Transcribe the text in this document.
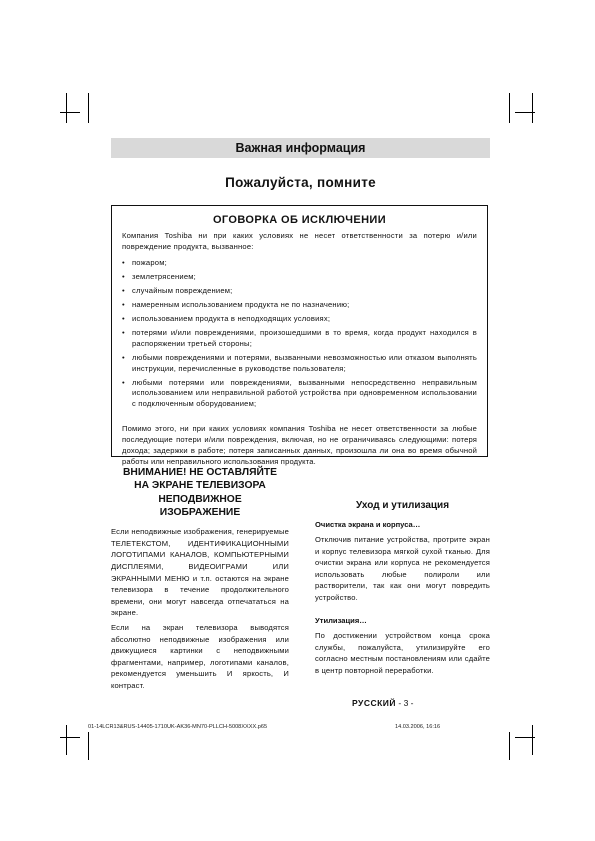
Важная информация
Пожалуйста, помните
ОГОВОРКА ОБ ИСКЛЮЧЕНИИ

Компания Toshiba ни при каких условиях не несет ответственности за потерю и/или повреждение продукта, вызванное:

• пожаром;
• землетрясением;
• случайным повреждением;
• намеренным использованием продукта не по назначению;
• использованием продукта в неподходящих условиях;
• потерями и/или повреждениями, произошедшими в то время, когда продукт находился в распоряжении третьей стороны;
• любыми повреждениями и потерями, вызванными невозможностью или отказом выполнять инструкции, перечисленные в руководстве пользователя;
• любыми потерями или повреждениями, вызванными непосредственно неправильным использованием или неправильной работой устройства при одновременном использовании с подключенным оборудованием;

Помимо этого, ни при каких условиях компания Toshiba не несет ответственности за любые последующие потери и/или повреждения, включая, но не ограничиваясь следующими: потеря дохода; задержки в работе; потеря записанных данных, произошла ли она во время обычной работы или неправильного использования продукта.

ВНИМАНИЕ! НЕ ОСТАВЛЯЙТЕ
НА ЭКРАНЕ ТЕЛЕВИЗОРА
НЕПОДВИЖНОЕ
ИЗОБРАЖЕНИЕ

Если неподвижные изображения, генерируемые ТЕЛЕТЕКСТОМ, ИДЕНТИФИКАЦИОННЫМИ ЛОГОТИПАМИ КАНАЛОВ, КОМПЬЮТЕРНЫМИ ДИСПЛЕЯМИ, ВИДЕОИГРАМИ ИЛИ ЭКРАННЫМИ МЕНЮ и т.п. остаются на экране телевизора в течение продолжительного времени, они могут навсегда отпечататься на экране.

Если на экран телевизора выводятся абсолютно неподвижные изображения или движущиеся картинки с неподвижными фрагментами, например, логотипами каналов, рекомендуется уменьшить И яркость, И контраст.

Уход и утилизация
Очистка экрана и корпуса…

Отключив питание устройства, протрите экран и корпус телевизора мягкой сухой тканью. Для очистки экрана или корпуса не рекомендуется использовать любые полироли или растворители, так как они могут повредить устройство.

Утилизация…

По достижении устройством конца срока службы, пожалуйста, утилизируйте его согласно местным постановлениям или сдайте в центр повторной переработки.

РУССКИЙ - 3 -
01-14LCR13&RUS-14405-1710UK-AK36-MN70-PLLCH-5008XXXX.p65	14.03.2006, 16:16
